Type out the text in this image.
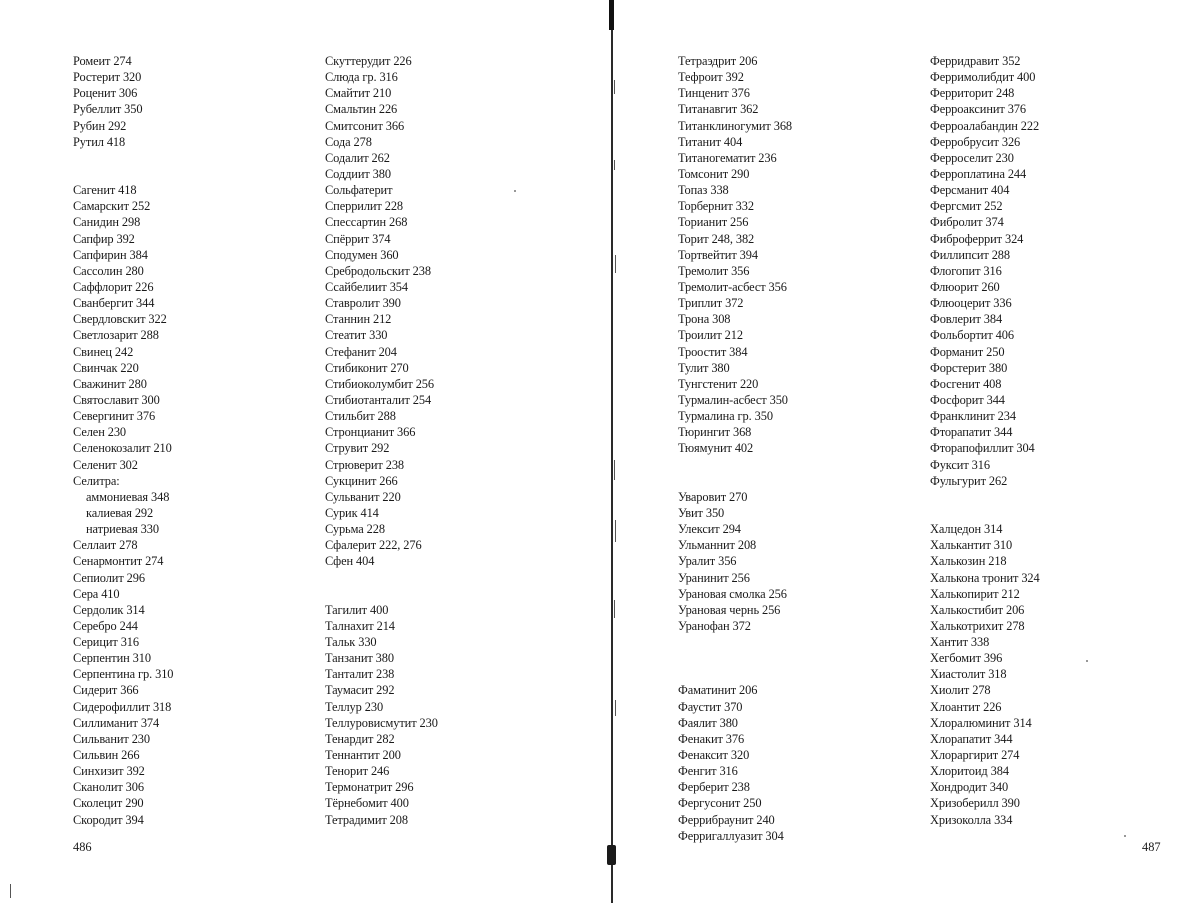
Ромеит 274
Ростерит 320
Роценит 306
Рубеллит 350
Рубин 292
Рутил 418
Сагенит 418
Самарскит 252
Санидин 298
Сапфир 392
Сапфирин 384
Сассолин 280
Саффлорит 226
Сванбергит 344
Свердловскит 322
Светлозарит 288
Свинец 242
Свинчак 220
Сважинит 280
Святославит 300
Севергинит 376
Селен 230
Селенокозалит 210
Селенит 302
Селитра:
аммониевая 348
калиевая 292
натриевая 330
Селлаит 278
Сенармонтит 274
Сепиолит 296
Сера 410
Сердолик 314
Серебро 244
Серицит 316
Серпентин 310
Серпентина гр. 310
Сидерит 366
Сидерофиллит 318
Силлиманит 374
Сильванит 230
Сильвин 266
Синхизит 392
Сканолит 306
Сколецит 290
Скородит 394
Скуттерудит 226
Слюда гр. 316
Смайтит 210
Смальтин 226
Смитсонит 366
Сода 278
Содалит 262
Соддиит 380
Сольфатерит
Сперрилит 228
Спессартин 268
Спёррит 374
Сподумен 360
Сребродольскит 238
Ссайбелиит 354
Ставролит 390
Станнин 212
Стеатит 330
Стефанит 204
Стибиконит 270
Стибиоколумбит 256
Стибиотанталит 254
Стильбит 288
Стронцианит 366
Струвит 292
Стрюверит 238
Сукцинит 266
Сульванит 220
Сурик 414
Сурьма 228
Сфалерит 222, 276
Сфен 404
Тагилит 400
Талнахит 214
Тальк 330
Танзанит 380
Танталит 238
Таумасит 292
Теллур 230
Теллуровисмутит 230
Тенардит 282
Теннантит 200
Тенорит 246
Термонатрит 296
Тёрнебомит 400
Тетрадимит 208
486
Тетраэдрит 206
Тефроит 392
Тинценит 376
Титанавгит 362
Титанклиногумит 368
Титанит 404
Титаногематит 236
Томсонит 290
Топаз 338
Торбернит 332
Торианит 256
Торит 248, 382
Тортвейтит 394
Тремолит 356
Тремолит-асбест 356
Триплит 372
Трона 308
Троилит 212
Троостит 384
Тулит 380
Тунгстенит 220
Турмалин-асбест 350
Турмалина гр. 350
Тюрингит 368
Тюямунит 402
Уваровит 270
Увит 350
Улексит 294
Ульманнит 208
Уралит 356
Уранинит 256
Урановая смолка 256
Урановая чернь 256
Уранофан 372
Фаматинит 206
Фаустит 370
Фаялит 380
Фенакит 376
Фенаксит 320
Фенгит 316
Ферберит 238
Фергусонит 250
Феррибраунит 240
Ферригаллуазит 304
Ферридравит 352
Ферримолибдит 400
Ферриторит 248
Ферроаксинит 376
Ферроалабандин 222
Ферробрусит 326
Ферроселит 230
Ферроплатина 244
Ферсманит 404
Фергсмит 252
Фибролит 374
Фиброферрит 324
Филлипсит 288
Флогопит 316
Флюорит 260
Флюоцерит 336
Фовлерит 384
Фольбортит 406
Форманит 250
Форстерит 380
Фосгенит 408
Фосфорит 344
Франклинит 234
Фторапатит 344
Фторапофиллит 304
Фуксит 316
Фульгурит 262
Халцедон 314
Халькантит 310
Халькозин 218
Халькона тронит 324
Халькопирит 212
Халькостибит 206
Халькотрихит 278
Хантит 338
Хегбомит 396
Хиастолит 318
Хиолит 278
Хлоантит 226
Хлоралюминит 314
Хлорапатит 344
Хлораргирит 274
Хлоритоид 384
Хондродит 340
Хризоберилл 390
Хризоколла 334
487
